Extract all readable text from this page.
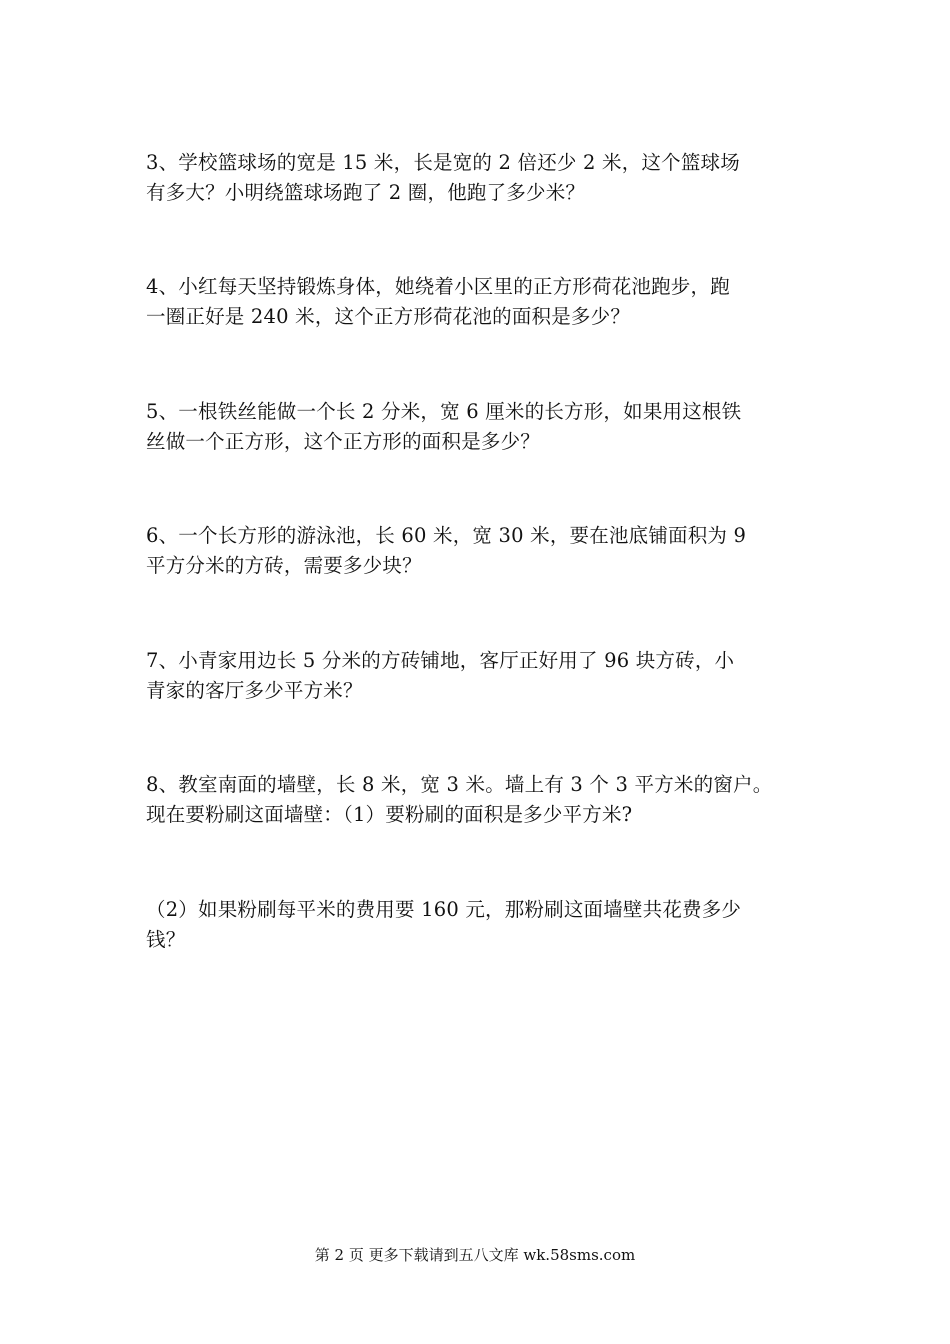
3、学校篮球场的宽是 15 米，长是宽的 2 倍还少 2 米，这个篮球场
有多大？小明绕篮球场跑了 2 圈，他跑了多少米？
4、小红每天坚持锻炼身体，她绕着小区里的正方形荷花池跑步，跑
一圈正好是 240 米，这个正方形荷花池的面积是多少？
5、一根铁丝能做一个长 2 分米，宽 6 厘米的长方形，如果用这根铁
丝做一个正方形，这个正方形的面积是多少？
6、一个长方形的游泳池，长 60 米，宽 30 米，要在池底铺面积为 9
平方分米的方砖，需要多少块？
7、小青家用边长 5 分米的方砖铺地，客厅正好用了 96 块方砖，小
青家的客厅多少平方米？
8、教室南面的墙壁，长 8 米，宽 3 米。墙上有 3 个 3 平方米的窗户。
现在要粉刷这面墙壁：（1）要粉刷的面积是多少平方米?
（2）如果粉刷每平米的费用要 160 元，那粉刷这面墙壁共花费多少
钱？
第 2 页 更多下载请到五八文库 wk.58sms.com
